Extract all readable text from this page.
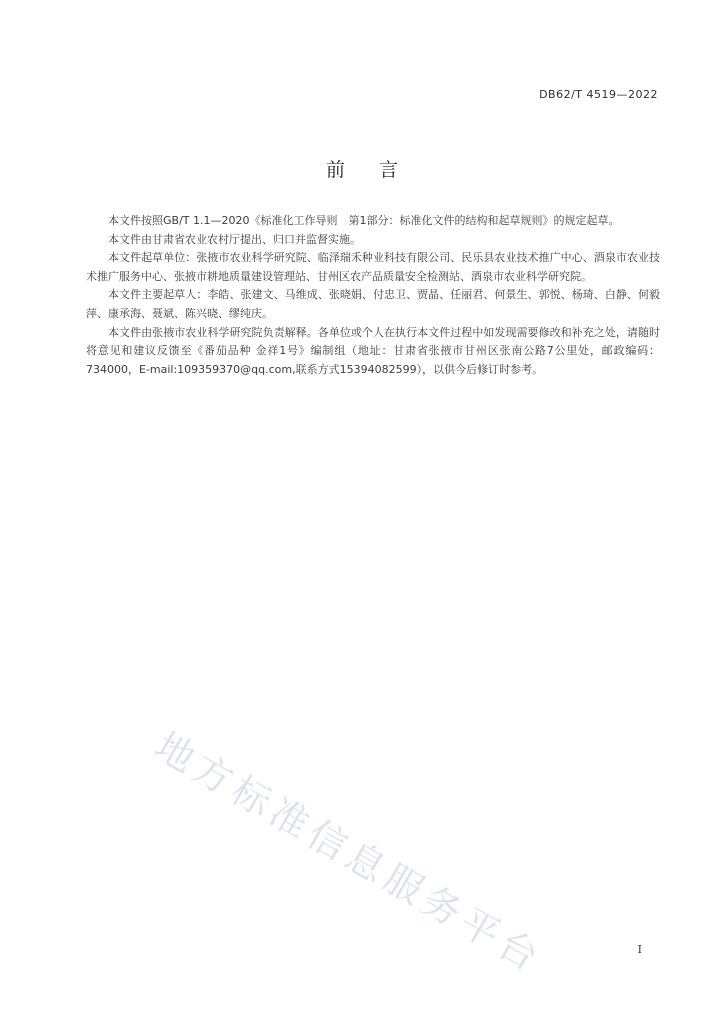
DB62/T 4519—2022
前言

本文件按照GB/T 1.1—2020《标准化工作导则　第1部分：标准化文件的结构和起草规则》的规定起草。

本文件由甘肃省农业农村厅提出、归口并监督实施。

本文件起草单位：张掖市农业科学研究院、临泽瑞禾种业科技有限公司、民乐县农业技术推广中心、酒泉市农业技术推广服务中心、张掖市耕地质量建设管理站、甘州区农产品质量安全检测站、酒泉市农业科学研究院。

本文件主要起草人：李皓、张建文、马维成、张晓娟、付忠卫、贾晶、任丽君、何景生、郭悦、杨琦、白静、何毅萍、康承海、聂斌、陈兴晓、缪纯庆。

本文件由张掖市农业科学研究院负责解释。各单位或个人在执行本文件过程中如发现需要修改和补充之处，请随时将意见和建议反馈至《番茄品种 金祥1号》编制组（地址：甘肃省张掖市甘州区张南公路7公里处，邮政编码：734000，E-mail:109359370@qq.com,联系方式15394082599），以供今后修订时参考。

地方标准信息服务平台	I
